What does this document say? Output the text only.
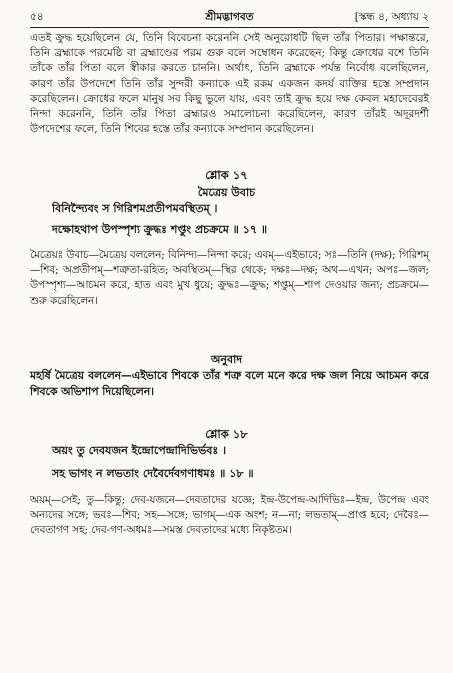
৫৪	শ্রীমদ্ভাগবত	[স্কন্ধ ৪, অধ্যায় ২
এতই ক্রুদ্ধ হয়েছিলেন যে, তিনি বিবেচনা করেননি সেই অনুরোধটি ছিল তাঁর পিতার। পক্ষান্তরে, তিনি ব্রহ্মাকে পরমেষ্ঠি বা ব্রহ্মাণ্ডের পরম গুরু বলে সম্বোধন করেছেন; কিন্তু ক্রোধের বশে তিনি তাঁকে তাঁর পিতা বলে স্বীকার করতে চাননি। অর্থাৎ, তিনি ব্রহ্মাকে পর্যন্ত নির্বোধ বলেছিলেন, কারণ তাঁর উপদেশে তিনি তাঁর সুন্দরী কন্যাকে এই রকম একজন কদর্য ব্যক্তির হস্তে সম্প্রদান করেছিলেন। ক্রোধের ফলে মানুষ সব কিছু ভুলে যায়, এবং তাই ক্রুদ্ধ হয়ে দক্ষ কেবল মহাদেবেরই নিন্দা করেননি, তিনি তাঁর পিতা ব্রহ্মারও সমালোচনা করেছিলেন, কারণ তাঁরই অদূরদর্শী উপদেশের ফলে, তিনি শিবের হস্তে তাঁর কন্যাকে সম্প্রদান করেছিলেন।
শ্লোক ১৭
মৈত্রেয় উবাচ
বিনিন্দ্যৈবং স গিরিশমপ্রতীপমবস্থিতম্ ।
দক্ষোহথাপ উপস্পৃশ্য ক্রুদ্ধঃ শপ্তুং প্রচক্রমে ॥ ১৭ ॥
মৈত্রেয়ঃ উবাচ—মৈত্রেয় বললেন; বিনিন্দ্য—নিন্দা করে; এবম্—এইভাবে; সঃ—তিনি (দক্ষ); গিরিশম্—শিব; অপ্রতীপম্—শত্রুতা-রহিত; অবস্থিতম্—স্থির থেকে; দক্ষঃ—দক্ষ; অথ—এখন; অপঃ—জল; উপস্পৃশ্য—আচমন করে, হাত এবং মুখ ধুয়ে; ক্রুদ্ধঃ—ক্রুদ্ধ; শপ্তুম্—শাপ দেওয়ার জন্য; প্রচক্রমে—শুরু করেছিলেন।
অনুবাদ
মহর্ষি মৈত্রেয় বললেন—এইভাবে শিবকে তাঁর শত্রু বলে মনে করে দক্ষ জল নিয়ে আচমন করে শিবকে অভিশাপ দিয়েছিলেন।
শ্লোক ১৮
অয়ং তু দেবযজন ইন্দ্রোপেন্দ্রাদিভির্ভবঃ ।
সহ ভাগং ন লভতাং দেবৈর্দেবগণাধমঃ ॥ ১৮ ॥
অয়ম্—সেই; তু—কিন্তু; দেব-যজনে—দেবতাদের যজ্ঞে; ইন্দ্র-উপেন্দ্র-আদিভিঃ—ইন্দ্র, উপেন্দ্র এবং অন্যদের সঙ্গে; ভবঃ—শিব; সহ—সঙ্গে; ভাগম্—এক অংশ; ন—না; লভতাম্—প্রাপ্ত হবে; দেবৈঃ—দেবতাগণ সহ; দেব-গণ-অধমঃ—সমস্ত দেবতাদের মধ্যে নিকৃষ্টতম।
